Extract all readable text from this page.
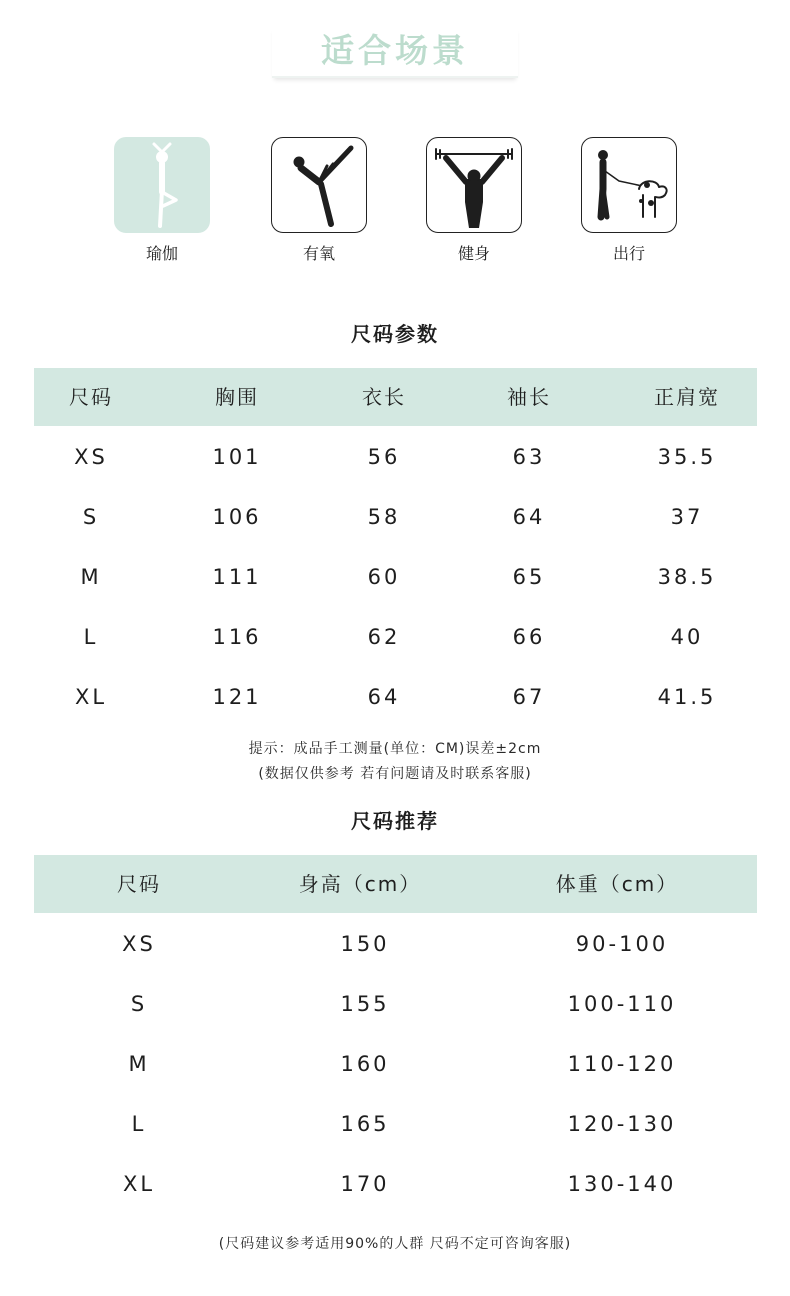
适合场景
瑜伽	有氧	健身	出行
尺码参数
尺码	胸围	衣长	袖长	正肩宽
XS	101	56	63	35.5
S	106	58	64	37
M	111	60	65	38.5
L	116	62	66	40
XL	121	64	67	41.5
提示：成品手工测量(单位：CM)误差±2cm
(数据仅供参考 若有问题请及时联系客服)
尺码推荐
尺码	身高（cm）	体重（cm）
XS	150	90-100
S	155	100-110
M	160	110-120
L	165	120-130
XL	170	130-140
(尺码建议参考适用90%的人群 尺码不定可咨询客服)
